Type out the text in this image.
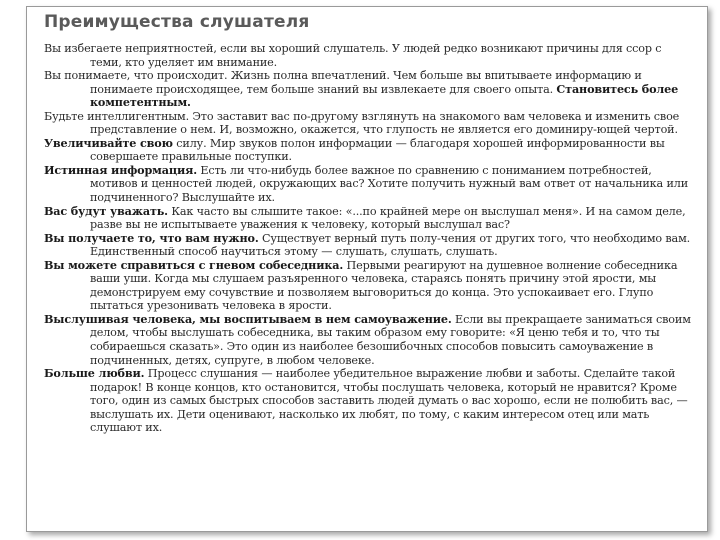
Преимущества слушателя

Вы избегаете неприятностей, если вы хороший слушатель. У людей редко возникают причины для ссор с теми, кто уделяет им внимание.

Вы понимаете, что происходит. Жизнь полна впечатлений. Чем больше вы впитываете информацию и понимаете происходящее, тем больше знаний вы извлекаете для своего опыта. Становитесь более компетентным.

Будьте интеллигентным. Это заставит вас по-другому взглянуть на знакомого вам человека и изменить свое представление о нем. И, возможно, окажется, что глупость не является его доминиру-ющей чертой.

Увеличивайте свою силу. Мир звуков полон информации — благодаря хорошей информированности вы совершаете правильные поступки.

Истинная информация. Есть ли что-нибудь более важное по сравнению с пониманием потребностей, мотивов и ценностей людей, окружающих вас? Хотите получить нужный вам ответ от начальника или подчиненного? Выслушайте их.

Вас будут уважать. Как часто вы слышите такое: «...по крайней мере он выслушал меня». И на самом деле, разве вы не испытываете уважения к человеку, который выслушал вас?

Вы получаете то, что вам нужно. Существует верный путь полу-чения от других того, что необходимо вам. Единственный способ научиться этому — слушать, слушать, слушать.

Вы можете справиться с гневом собеседника. Первыми реагируют на душевное волнение собеседника ваши уши. Когда мы слушаем разъяренного человека, стараясь понять причину этой ярости, мы демонстрируем ему сочувствие и позволяем выговориться до конца. Это успокаивает его. Глупо пытаться урезонивать человека в ярости.

Выслушивая человека, мы воспитываем в нем самоуважение. Если вы прекращаете заниматься своим делом, чтобы выслушать собеседника, вы таким образом ему говорите: «Я ценю тебя и то, что ты собираешься сказать». Это один из наиболее безошибочных способов повысить самоуважение в подчиненных, детях, супруге, в любом человеке.

Больше любви. Процесс слушания — наиболее убедительное выражение любви и заботы. Сделайте такой подарок! В конце концов, кто остановится, чтобы послушать человека, который не нравится? Кроме того, один из самых быстрых способов заставить людей думать о вас хорошо, если не полюбить вас, — выслушать их. Дети оценивают, насколько их любят, по тому, с каким интересом отец или мать слушают их.
